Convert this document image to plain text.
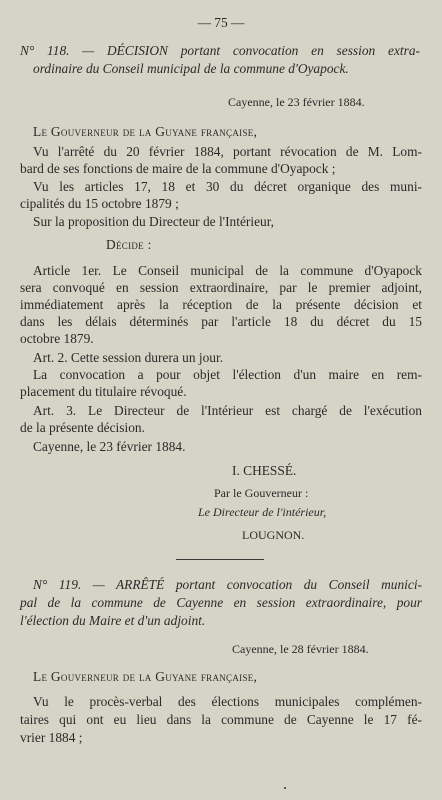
— 75 —
N° 118. — DÉCISION portant convocation en session extra-
ordinaire du Conseil municipal de la commune d'Oyapock.
Cayenne, le 23 février 1884.
Le Gouverneur de la Guyane française,
Vu l'arrêté du 20 février 1884, portant révocation de M. Lom-
bard de ses fonctions de maire de la commune d'Oyapock ;
Vu les articles 17, 18 et 30 du décret organique des muni-
cipalités du 15 octobre 1879 ;
Sur la proposition du Directeur de l'Intérieur,
Décide :
Article 1er. Le Conseil municipal de la commune d'Oyapock
sera convoqué en session extraordinaire, par le premier adjoint,
immédiatement après la réception de la présente décision et
dans les délais déterminés par l'article 18 du décret du 15
octobre 1879.
Art. 2. Cette session durera un jour.
La convocation a pour objet l'élection d'un maire en rem-
placement du titulaire révoqué.
Art. 3. Le Directeur de l'Intérieur est chargé de l'exécution
de la présente décision.
Cayenne, le 23 février 1884.
I. CHESSÉ.
Par le Gouverneur :
Le Directeur de l'intérieur,
LOUGNON.
N° 119. — ARRÊTÉ portant convocation du Conseil munici-
pal de la commune de Cayenne en session extraordinaire, pour
l'élection du Maire et d'un adjoint.
Cayenne, le 28 février 1884.
Le Gouverneur de la Guyane française,
Vu le procès-verbal des élections municipales complémen-
taires qui ont eu lieu dans la commune de Cayenne le 17 fé-
vrier 1884 ;
